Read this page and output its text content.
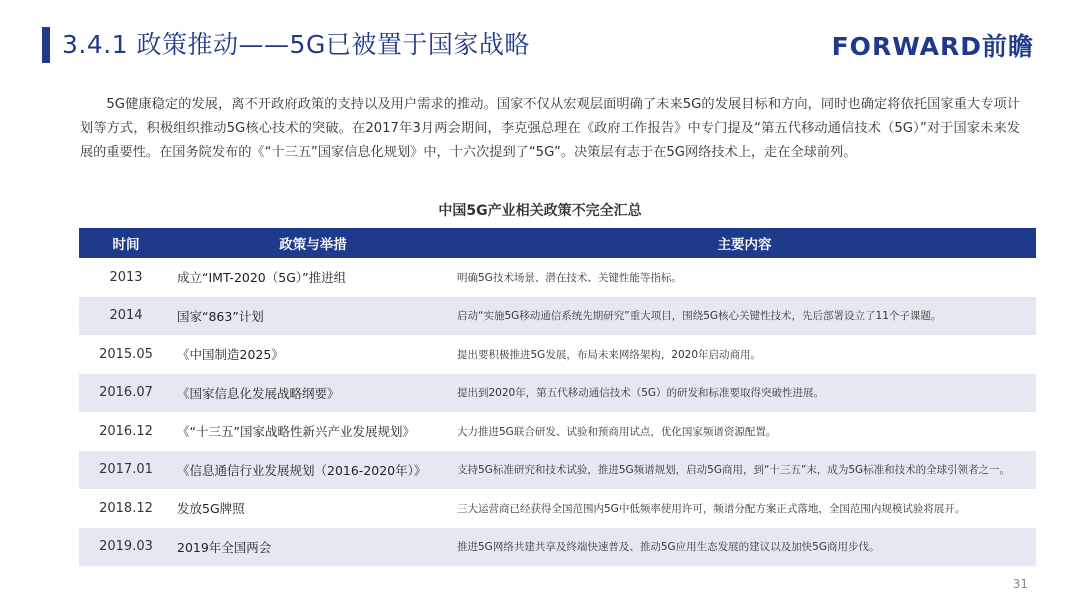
3.4.1 政策推动——5G已被置于国家战略	FORWARD前瞻

5G健康稳定的发展，离不开政府政策的支持以及用户需求的推动。国家不仅从宏观层面明确了未来5G的发展目标和方向，同时也确定将依托国家重大专项计划等方式，积极组织推动5G核心技术的突破。在2017年3月两会期间，李克强总理在《政府工作报告》中专门提及“第五代移动通信技术（5G）”对于国家未来发展的重要性。在国务院发布的《“十三五”国家信息化规划》中，十六次提到了“5G”。决策层有志于在5G网络技术上，走在全球前列。

中国5G产业相关政策不完全汇总
时间	政策与举措	主要内容
2013	成立“IMT-2020（5G）”推进组	明确5G技术场景、潜在技术、关键性能等指标。
2014	国家“863”计划	启动“实施5G移动通信系统先期研究”重大项目，围绕5G核心关键性技术，先后部署设立了11个子课题。
2015.05	《中国制造2025》	提出要积极推进5G发展，布局未来网络架构，2020年启动商用。
2016.07	《国家信息化发展战略纲要》	提出到2020年，第五代移动通信技术（5G）的研发和标准要取得突破性进展。
2016.12	《“十三五”国家战略性新兴产业发展规划》	大力推进5G联合研发、试验和预商用试点，优化国家频谱资源配置。
2017.01	《信息通信行业发展规划（2016-2020年）》	支持5G标准研究和技术试验，推进5G频谱规划，启动5G商用，到“十三五”末，成为5G标准和技术的全球引领者之一。
2018.12	发放5G牌照	三大运营商已经获得全国范围内5G中低频率使用许可，频谱分配方案正式落地，全国范围内规模试验将展开。
2019.03	2019年全国两会	推进5G网络共建共享及终端快速普及、推动5G应用生态发展的建议以及加快5G商用步伐。
31
